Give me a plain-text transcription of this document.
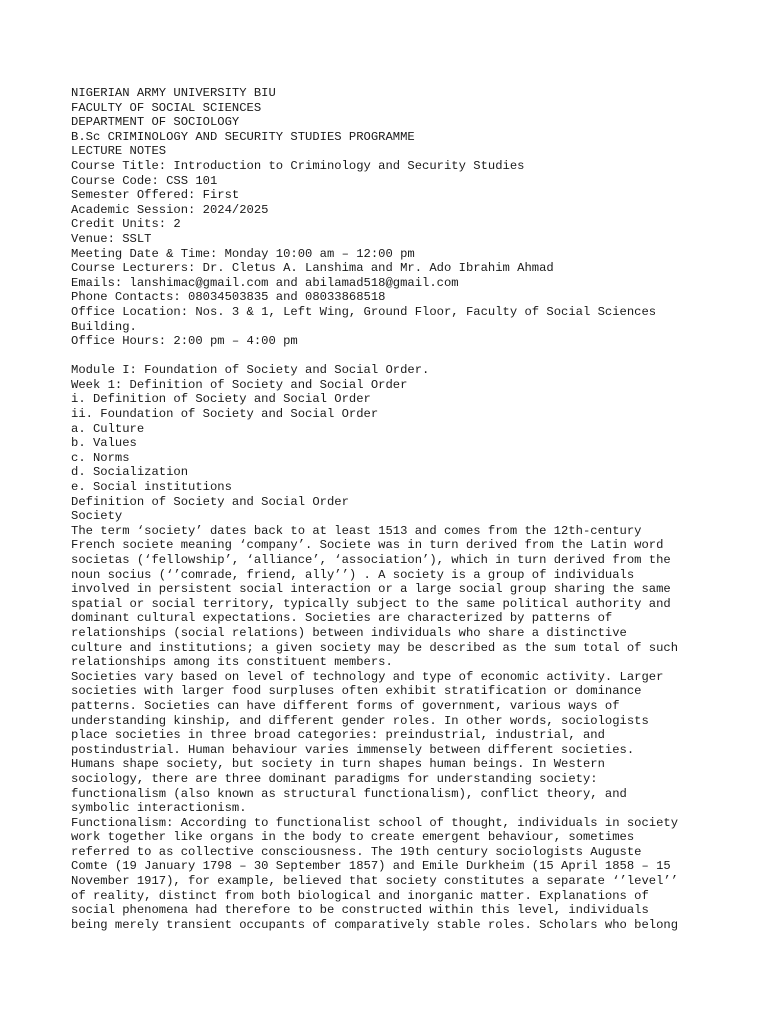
NIGERIAN ARMY UNIVERSITY BIU
FACULTY OF SOCIAL SCIENCES
DEPARTMENT OF SOCIOLOGY
B.Sc CRIMINOLOGY AND SECURITY STUDIES PROGRAMME
LECTURE NOTES
Course Title: Introduction to Criminology and Security Studies
Course Code: CSS 101
Semester Offered: First
Academic Session: 2024/2025
Credit Units: 2
Venue: SSLT
Meeting Date & Time: Monday 10:00 am – 12:00 pm
Course Lecturers: Dr. Cletus A. Lanshima and Mr. Ado Ibrahim Ahmad
Emails: lanshimac@gmail.com and abilamad518@gmail.com
Phone Contacts: 08034503835 and 08033868518
Office Location: Nos. 3 & 1, Left Wing, Ground Floor, Faculty of Social Sciences
Building.
Office Hours: 2:00 pm – 4:00 pm
Module I: Foundation of Society and Social Order.
Week 1: Definition of Society and Social Order
i. Definition of Society and Social Order
ii. Foundation of Society and Social Order
a. Culture
b. Values
c. Norms
d. Socialization
e. Social institutions
Definition of Society and Social Order
Society
The term ‘society’ dates back to at least 1513 and comes from the 12th-century
French societe meaning ‘company’. Societe was in turn derived from the Latin word
societas (‘fellowship’, ‘alliance’, ‘association’), which in turn derived from the
noun socius (‘’comrade, friend, ally’’) . A society is a group of individuals
involved in persistent social interaction or a large social group sharing the same
spatial or social territory, typically subject to the same political authority and
dominant cultural expectations. Societies are characterized by patterns of
relationships (social relations) between individuals who share a distinctive
culture and institutions; a given society may be described as the sum total of such
relationships among its constituent members.
Societies vary based on level of technology and type of economic activity. Larger
societies with larger food surpluses often exhibit stratification or dominance
patterns. Societies can have different forms of government, various ways of
understanding kinship, and different gender roles. In other words, sociologists
place societies in three broad categories: preindustrial, industrial, and
postindustrial. Human behaviour varies immensely between different societies.
Humans shape society, but society in turn shapes human beings. In Western
sociology, there are three dominant paradigms for understanding society:
functionalism (also known as structural functionalism), conflict theory, and
symbolic interactionism.
Functionalism: According to functionalist school of thought, individuals in society
work together like organs in the body to create emergent behaviour, sometimes
referred to as collective consciousness. The 19th century sociologists Auguste
Comte (19 January 1798 – 30 September 1857) and Emile Durkheim (15 April 1858 – 15
November 1917), for example, believed that society constitutes a separate ‘’level’’
of reality, distinct from both biological and inorganic matter. Explanations of
social phenomena had therefore to be constructed within this level, individuals
being merely transient occupants of comparatively stable roles. Scholars who belong
